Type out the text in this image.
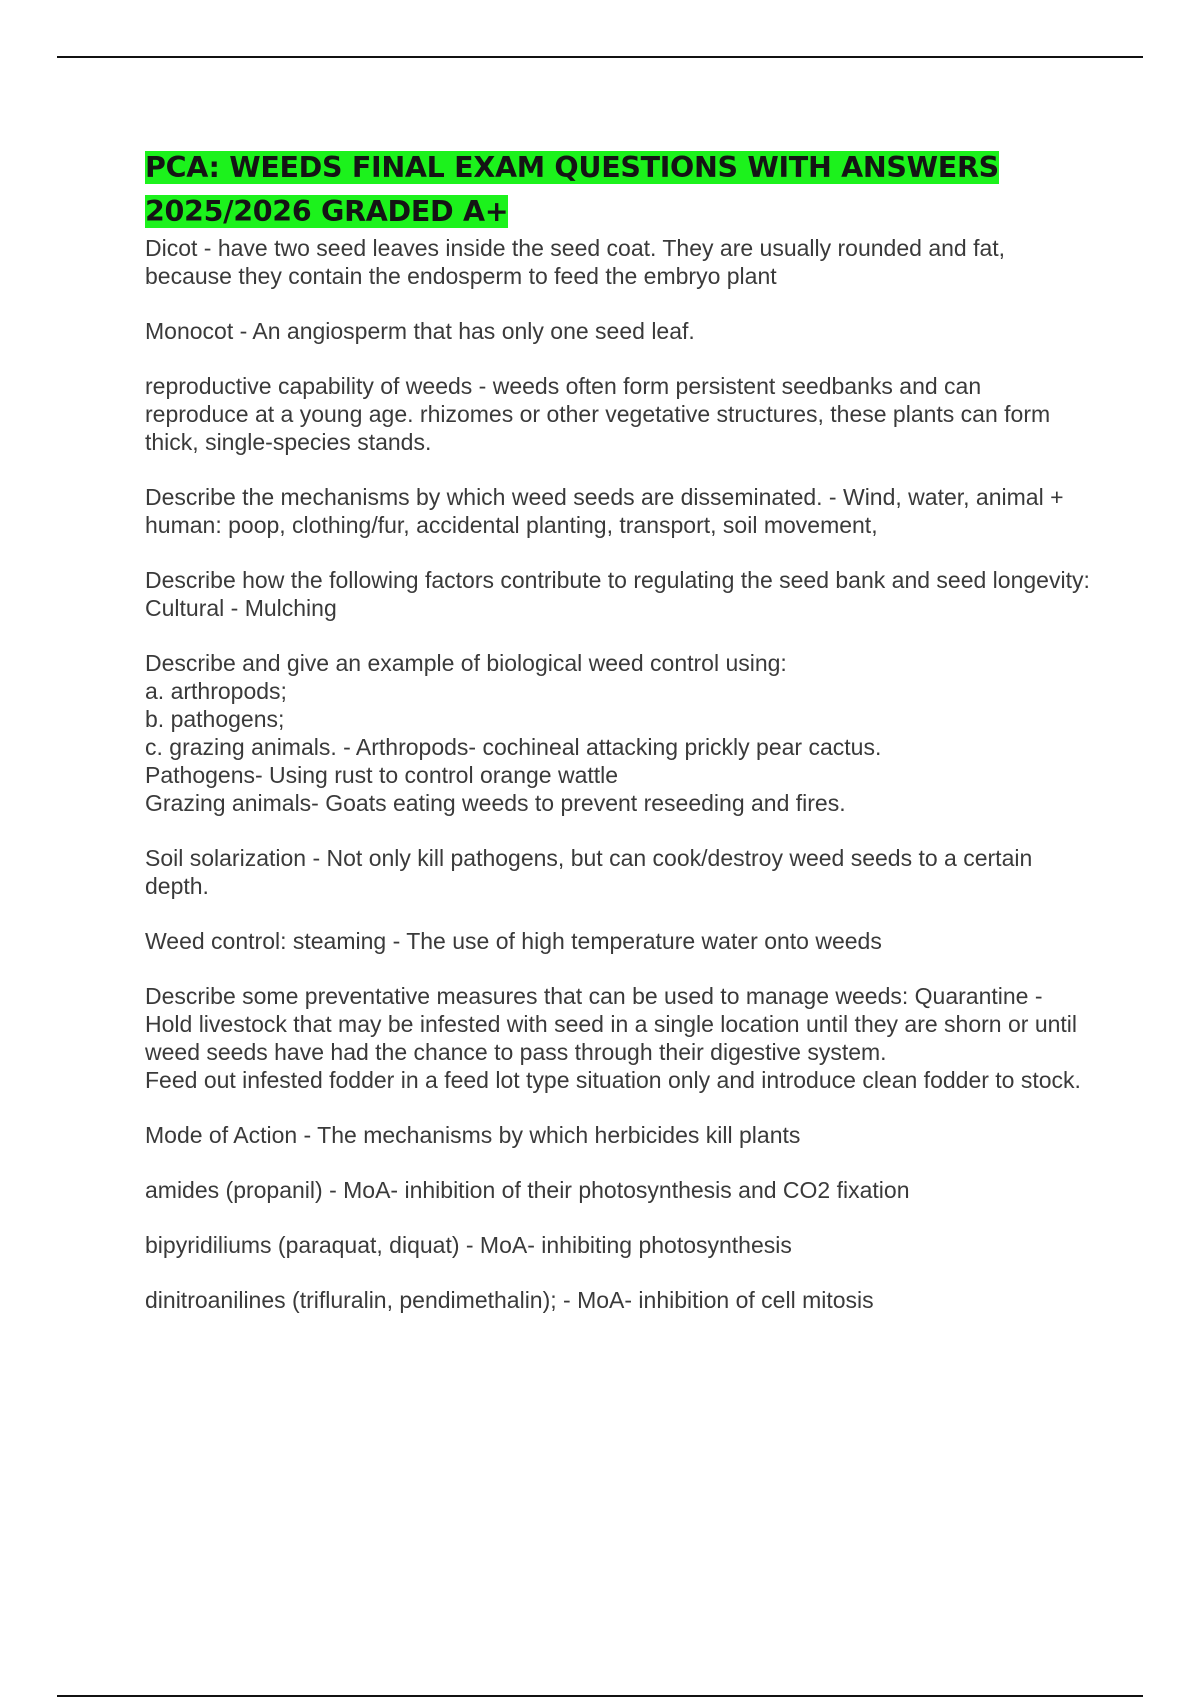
PCA: WEEDS FINAL EXAM QUESTIONS WITH ANSWERS 2025/2026 GRADED A+

Dicot - have two seed leaves inside the seed coat. They are usually rounded and fat, because they contain the endosperm to feed the embryo plant

Monocot - An angiosperm that has only one seed leaf.

reproductive capability of weeds - weeds often form persistent seedbanks and can reproduce at a young age. rhizomes or other vegetative structures, these plants can form thick, single-species stands.

Describe the mechanisms by which weed seeds are disseminated. - Wind, water, animal + human: poop, clothing/fur, accidental planting, transport, soil movement,

Describe how the following factors contribute to regulating the seed bank and seed longevity:
Cultural - Mulching

Describe and give an example of biological weed control using:
a. arthropods;
b. pathogens;
c. grazing animals. - Arthropods- cochineal attacking prickly pear cactus.
Pathogens- Using rust to control orange wattle
Grazing animals- Goats eating weeds to prevent reseeding and fires.

Soil solarization - Not only kill pathogens, but can cook/destroy weed seeds to a certain depth.

Weed control: steaming - The use of high temperature water onto weeds

Describe some preventative measures that can be used to manage weeds: Quarantine - Hold livestock that may be infested with seed in a single location until they are shorn or until weed seeds have had the chance to pass through their digestive system.
Feed out infested fodder in a feed lot type situation only and introduce clean fodder to stock.

Mode of Action - The mechanisms by which herbicides kill plants

amides (propanil) - MoA- inhibition of their photosynthesis and CO2 fixation

bipyridiliums (paraquat, diquat) - MoA- inhibiting photosynthesis

dinitroanilines (trifluralin, pendimethalin); - MoA- inhibition of cell mitosis
